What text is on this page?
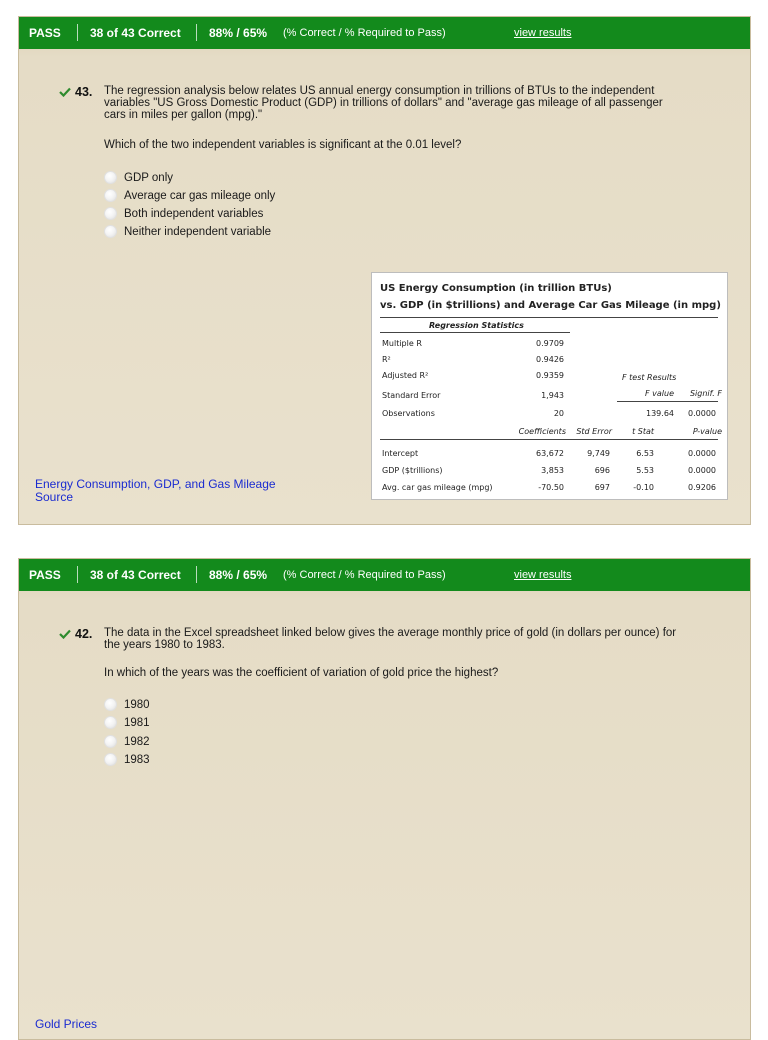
PASS 38 of 43 Correct 88% / 65% (% Correct / % Required to Pass)	view results
43. The regression analysis below relates US annual energy consumption in trillions of BTUs to the independent
variables "US Gross Domestic Product (GDP) in trillions of dollars" and "average gas mileage of all passenger
cars in miles per gallon (mpg)."
Which of the two independent variables is significant at the 0.01 level?
GDP only
Average car gas mileage only
Both independent variables
Neither independent variable
US Energy Consumption (in trillion BTUs)
vs. GDP (in $trillions) and Average Car Gas Mileage (in mpg)
Regression Statistics
Multiple R	0.9709
R²	0.9426
Adjusted R²	0.9359
Standard Error	1,943
Observations	20
F test Results
F value	Signif. F
139.64	0.0000
Coefficients	Std Error	t Stat	P-value
Intercept	63,672	9,749	6.53	0.0000
GDP ($trillions)	3,853	696	5.53	0.0000
Avg. car gas mileage (mpg)	-70.50	697	-0.10	0.9206
Energy Consumption, GDP, and Gas Mileage
Source
PASS 38 of 43 Correct 88% / 65% (% Correct / % Required to Pass)	view results
42. The data in the Excel spreadsheet linked below gives the average monthly price of gold (in dollars per ounce) for
the years 1980 to 1983.
In which of the years was the coefficient of variation of gold price the highest?
1980
1981
1982
1983
Gold Prices
